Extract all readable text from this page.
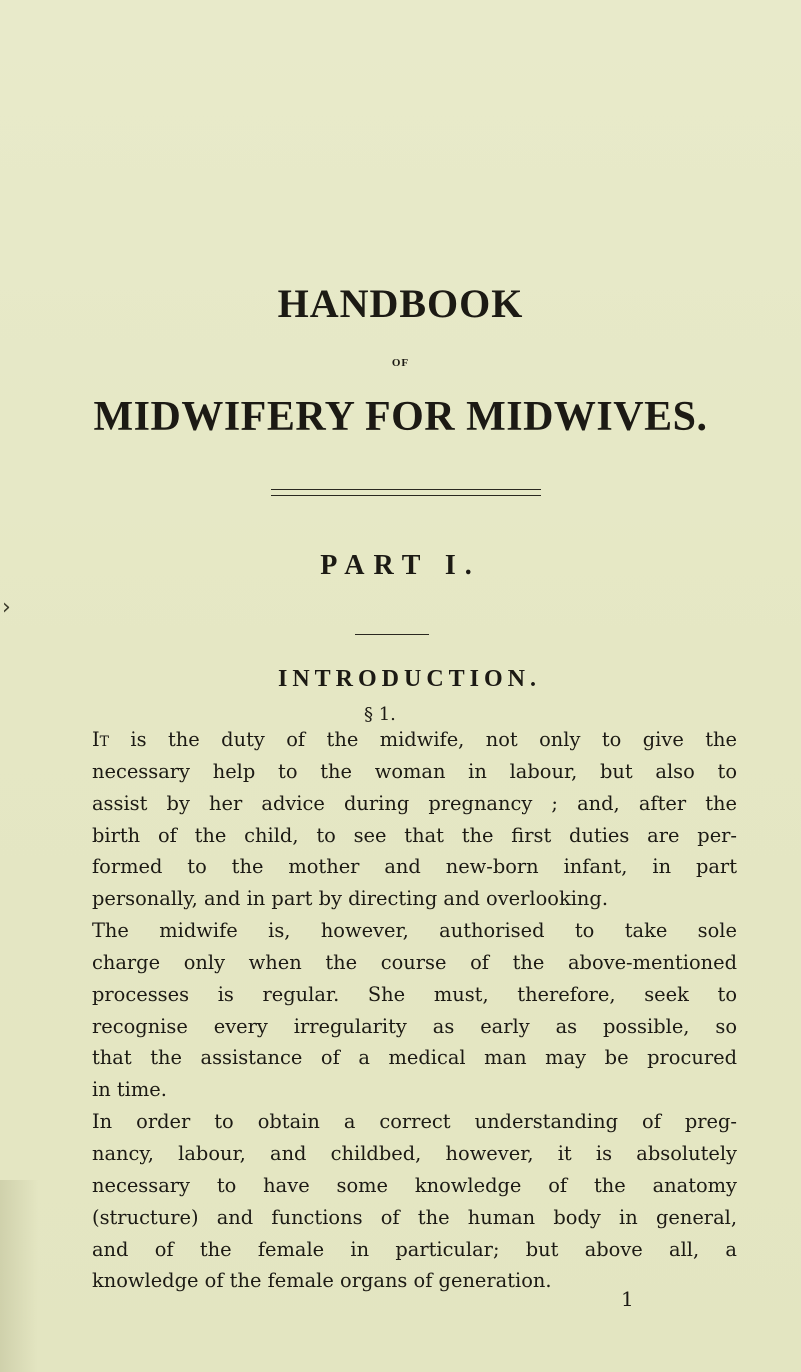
›
HANDBOOK
OF
MIDWIFERY FOR MIDWIVES.
PART I.
INTRODUCTION.
§ 1.
It is the duty of the midwife, not only to give the
necessary help to the woman in labour, but also to
assist by her advice during pregnancy ; and, after the
birth of the child, to see that the first duties are per-
formed to the mother and new-born infant, in part
personally, and in part by directing and overlooking.
The midwife is, however, authorised to take sole
charge only when the course of the above-mentioned
processes is regular. She must, therefore, seek to
recognise every irregularity as early as possible, so
that the assistance of a medical man may be procured
in time.
In order to obtain a correct understanding of preg-
nancy, labour, and childbed, however, it is absolutely
necessary to have some knowledge of the anatomy
(structure) and functions of the human body in general,
and of the female in particular; but above all, a
knowledge of the female organs of generation.
1
